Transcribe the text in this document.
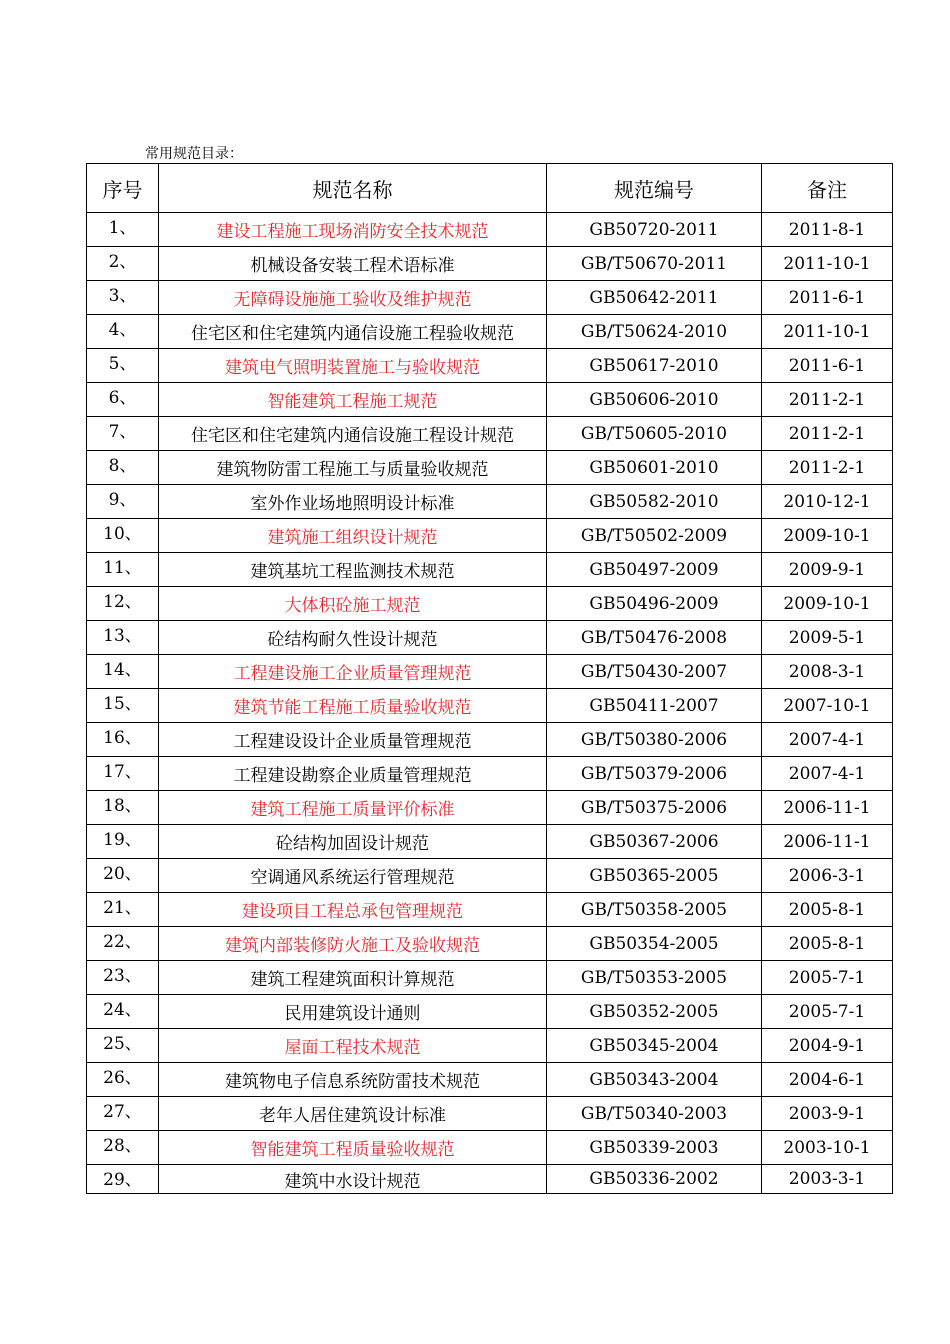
常用规范目录：
序号	规范名称	规范编号	备注
1、	建设工程施工现场消防安全技术规范	GB50720-2011	2011-8-1
2、	机械设备安装工程术语标准	GB/T50670-2011	2011-10-1
3、	无障碍设施施工验收及维护规范	GB50642-2011	2011-6-1
4、	住宅区和住宅建筑内通信设施工程验收规范	GB/T50624-2010	2011-10-1
5、	建筑电气照明装置施工与验收规范	GB50617-2010	2011-6-1
6、	智能建筑工程施工规范	GB50606-2010	2011-2-1
7、	住宅区和住宅建筑内通信设施工程设计规范	GB/T50605-2010	2011-2-1
8、	建筑物防雷工程施工与质量验收规范	GB50601-2010	2011-2-1
9、	室外作业场地照明设计标准	GB50582-2010	2010-12-1
10、	建筑施工组织设计规范	GB/T50502-2009	2009-10-1
11、	建筑基坑工程监测技术规范	GB50497-2009	2009-9-1
12、	大体积砼施工规范	GB50496-2009	2009-10-1
13、	砼结构耐久性设计规范	GB/T50476-2008	2009-5-1
14、	工程建设施工企业质量管理规范	GB/T50430-2007	2008-3-1
15、	建筑节能工程施工质量验收规范	GB50411-2007	2007-10-1
16、	工程建设设计企业质量管理规范	GB/T50380-2006	2007-4-1
17、	工程建设勘察企业质量管理规范	GB/T50379-2006	2007-4-1
18、	建筑工程施工质量评价标准	GB/T50375-2006	2006-11-1
19、	砼结构加固设计规范	GB50367-2006	2006-11-1
20、	空调通风系统运行管理规范	GB50365-2005	2006-3-1
21、	建设项目工程总承包管理规范	GB/T50358-2005	2005-8-1
22、	建筑内部装修防火施工及验收规范	GB50354-2005	2005-8-1
23、	建筑工程建筑面积计算规范	GB/T50353-2005	2005-7-1
24、	民用建筑设计通则	GB50352-2005	2005-7-1
25、	屋面工程技术规范	GB50345-2004	2004-9-1
26、	建筑物电子信息系统防雷技术规范	GB50343-2004	2004-6-1
27、	老年人居住建筑设计标准	GB/T50340-2003	2003-9-1
28、	智能建筑工程质量验收规范	GB50339-2003	2003-10-1
29、	建筑中水设计规范	GB50336-2002	2003-3-1
